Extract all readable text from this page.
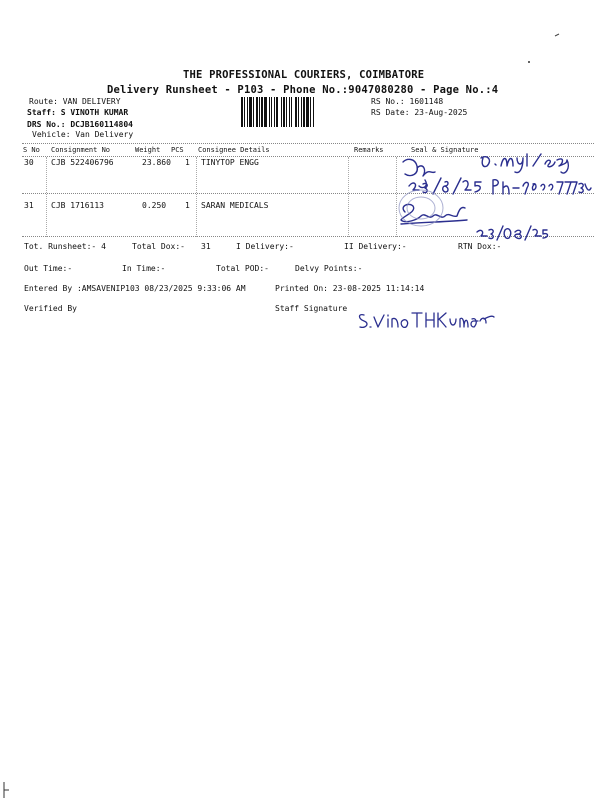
THE PROFESSIONAL COURIERS, COIMBATORE
Delivery Runsheet - P103 - Phone No.:9047080280 - Page No.:4
Route: VAN DELIVERY
Staff: S VINOTH KUMAR
DRS No.: DCJB160114804
Vehicle: Van Delivery
RS No.: 1601148
RS Date: 23-Aug-2025
S No Consignment No	Weight PCS Consignee Details	Remarks	Seal & Signature
30 CJB 522406796	23.860 1 TINYTOP ENGG
31 CJB 1716113	0.250 1 SARAN MEDICALS
Tot. Runsheet:- 4	Total Dox:- 31	I Delivery:-	II Delivery:-	RTN Dox:-
Out Time:-	In Time:-	Total POD:-	Delvy Points:-
Entered By :AMSAVENIP103 08/23/2025 9:33:06 AM	Printed On: 23-08-2025 11:14:14
Verified By	Staff Signature
